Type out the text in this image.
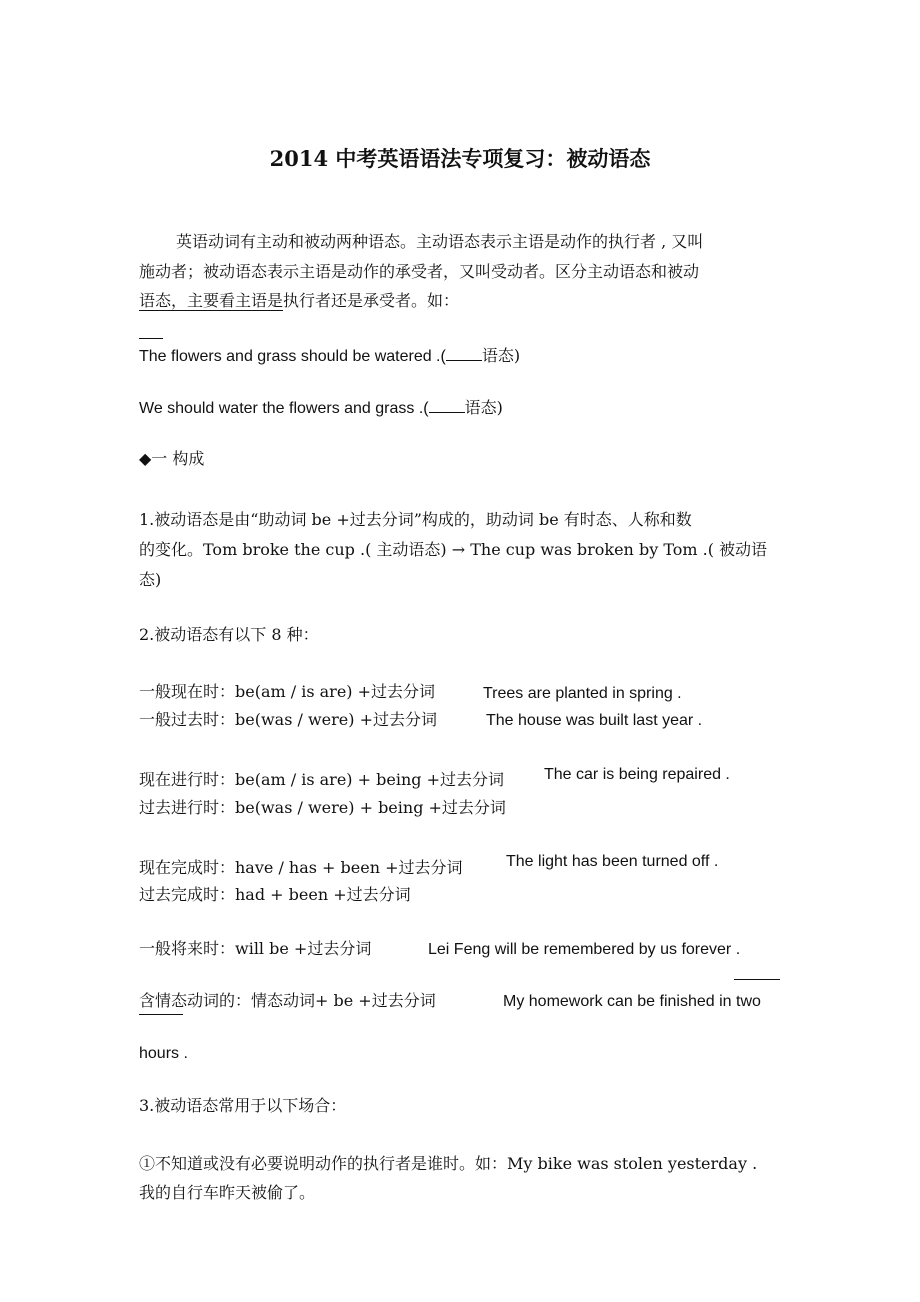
2014 中考英语语法专项复习：被动语态
英语动词有主动和被动两种语态。主动语态表示主语是动作的执行者 , 又叫
施动者；被动语态表示主语是动作的承受者，又叫受动者。区分主动语态和被动
语态，主要看主语是执行者还是承受者。如：
The flowers and grass should be watered .( 语态)
We should water the flowers and grass .( 语态)
◆一 构成
1.被动语态是由“助动词 be +过去分词”构成的，助动词 be 有时态、人称和数
的变化。Tom broke the cup .( 主动语态) → The cup was broken by Tom .( 被动语
态)
2.被动语态有以下 8 种：
一般现在时：be(am / is are) +过去分词	Trees are planted in spring .
一般过去时：be(was / were) +过去分词	The house was built last year .
现在进行时：be(am / is are) + being +过去分词	The car is being repaired .
过去进行时：be(was / were) + being +过去分词
现在完成时：have / has + been +过去分词	The light has been turned off .
过去完成时：had + been +过去分词
一般将来时：will be +过去分词	Lei Feng will be remembered by us forever .
含情态动词的：情态动词+ be +过去分词	My homework can be finished in two
hours .
3.被动语态常用于以下场合：
①不知道或没有必要说明动作的执行者是谁时。如：My bike was stolen yesterday .
我的自行车昨天被偷了。
